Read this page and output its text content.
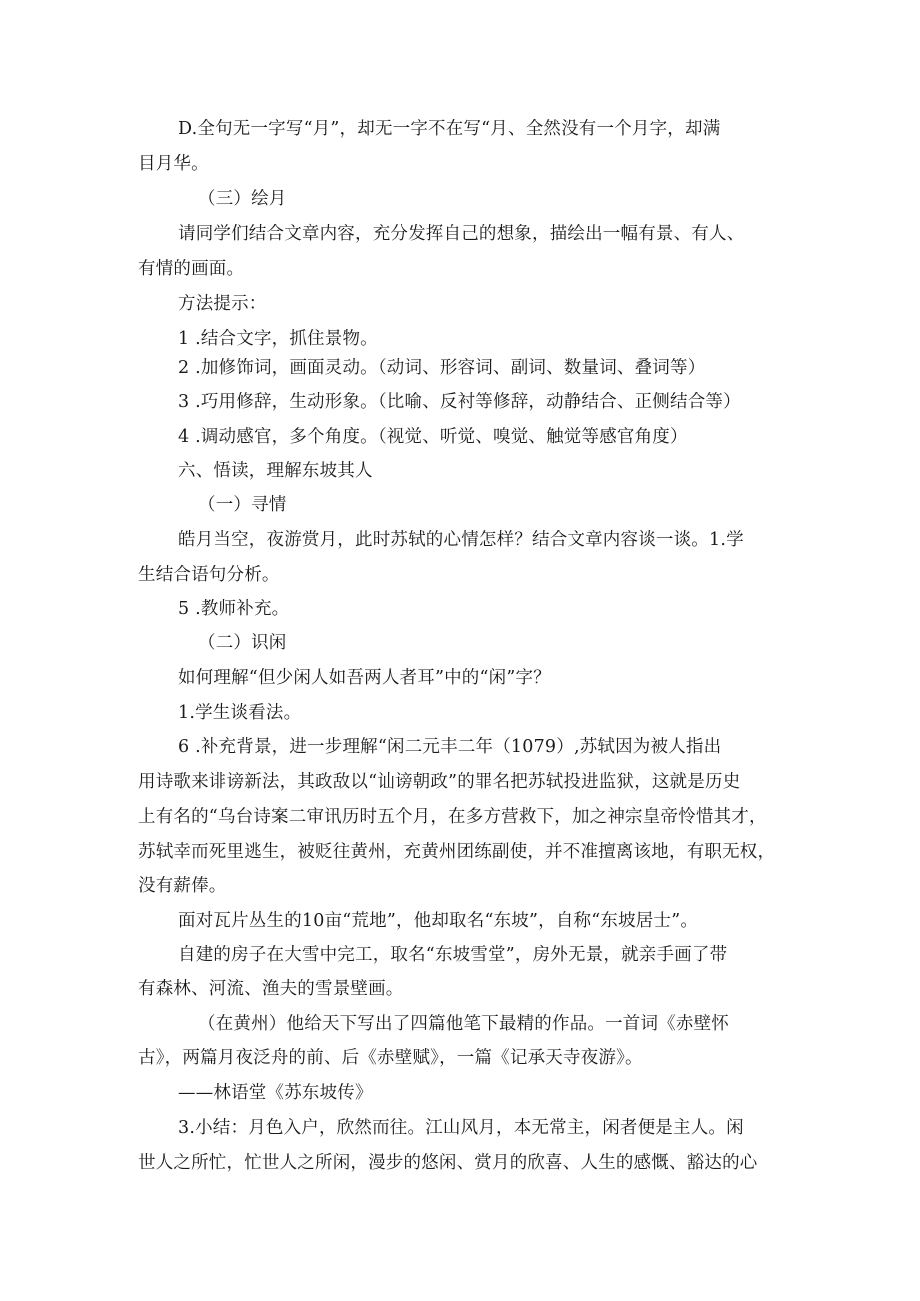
D.全句无一字写“月”，却无一字不在写“月、全然没有一个月字，却满
目月华。
（三）绘月
请同学们结合文章内容，充分发挥自己的想象，描绘出一幅有景、有人、
有情的画面。
方法提示：
1 .结合文字，抓住景物。
2 .加修饰词，画面灵动。（动词、形容词、副词、数量词、叠词等）
3 .巧用修辞，生动形象。（比喻、反衬等修辞，动静结合、正侧结合等）
4 .调动感官，多个角度。（视觉、听觉、嗅觉、触觉等感官角度）
六、悟读，理解东坡其人
（一）寻情
皓月当空，夜游赏月，此时苏轼的心情怎样？结合文章内容谈一谈。1.学
生结合语句分析。
5 .教师补充。
（二）识闲
如何理解“但少闲人如吾两人者耳”中的“闲”字？
1.学生谈看法。
6 .补充背景，进一步理解“闲二元丰二年（1079）,苏轼因为被人指出
用诗歌来诽谤新法，其政敌以“讪谤朝政”的罪名把苏轼投进监狱，这就是历史
上有名的“乌台诗案二审讯历时五个月，在多方营救下，加之神宗皇帝怜惜其才，
苏轼幸而死里逃生，被贬往黄州，充黄州团练副使，并不准擅离该地，有职无权，
没有薪俸。
面对瓦片丛生的10亩“荒地”，他却取名“东坡”，自称“东坡居士”。
自建的房子在大雪中完工，取名“东坡雪堂”，房外无景，就亲手画了带
有森林、河流、渔夫的雪景壁画。
（在黄州）他给天下写出了四篇他笔下最精的作品。一首词《赤壁怀
古》，两篇月夜泛舟的前、后《赤壁赋》，一篇《记承天寺夜游》。
——林语堂《苏东坡传》
3.小结：月色入户，欣然而往。江山风月，本无常主，闲者便是主人。闲
世人之所忙，忙世人之所闲，漫步的悠闲、赏月的欣喜、人生的感慨、豁达的心
